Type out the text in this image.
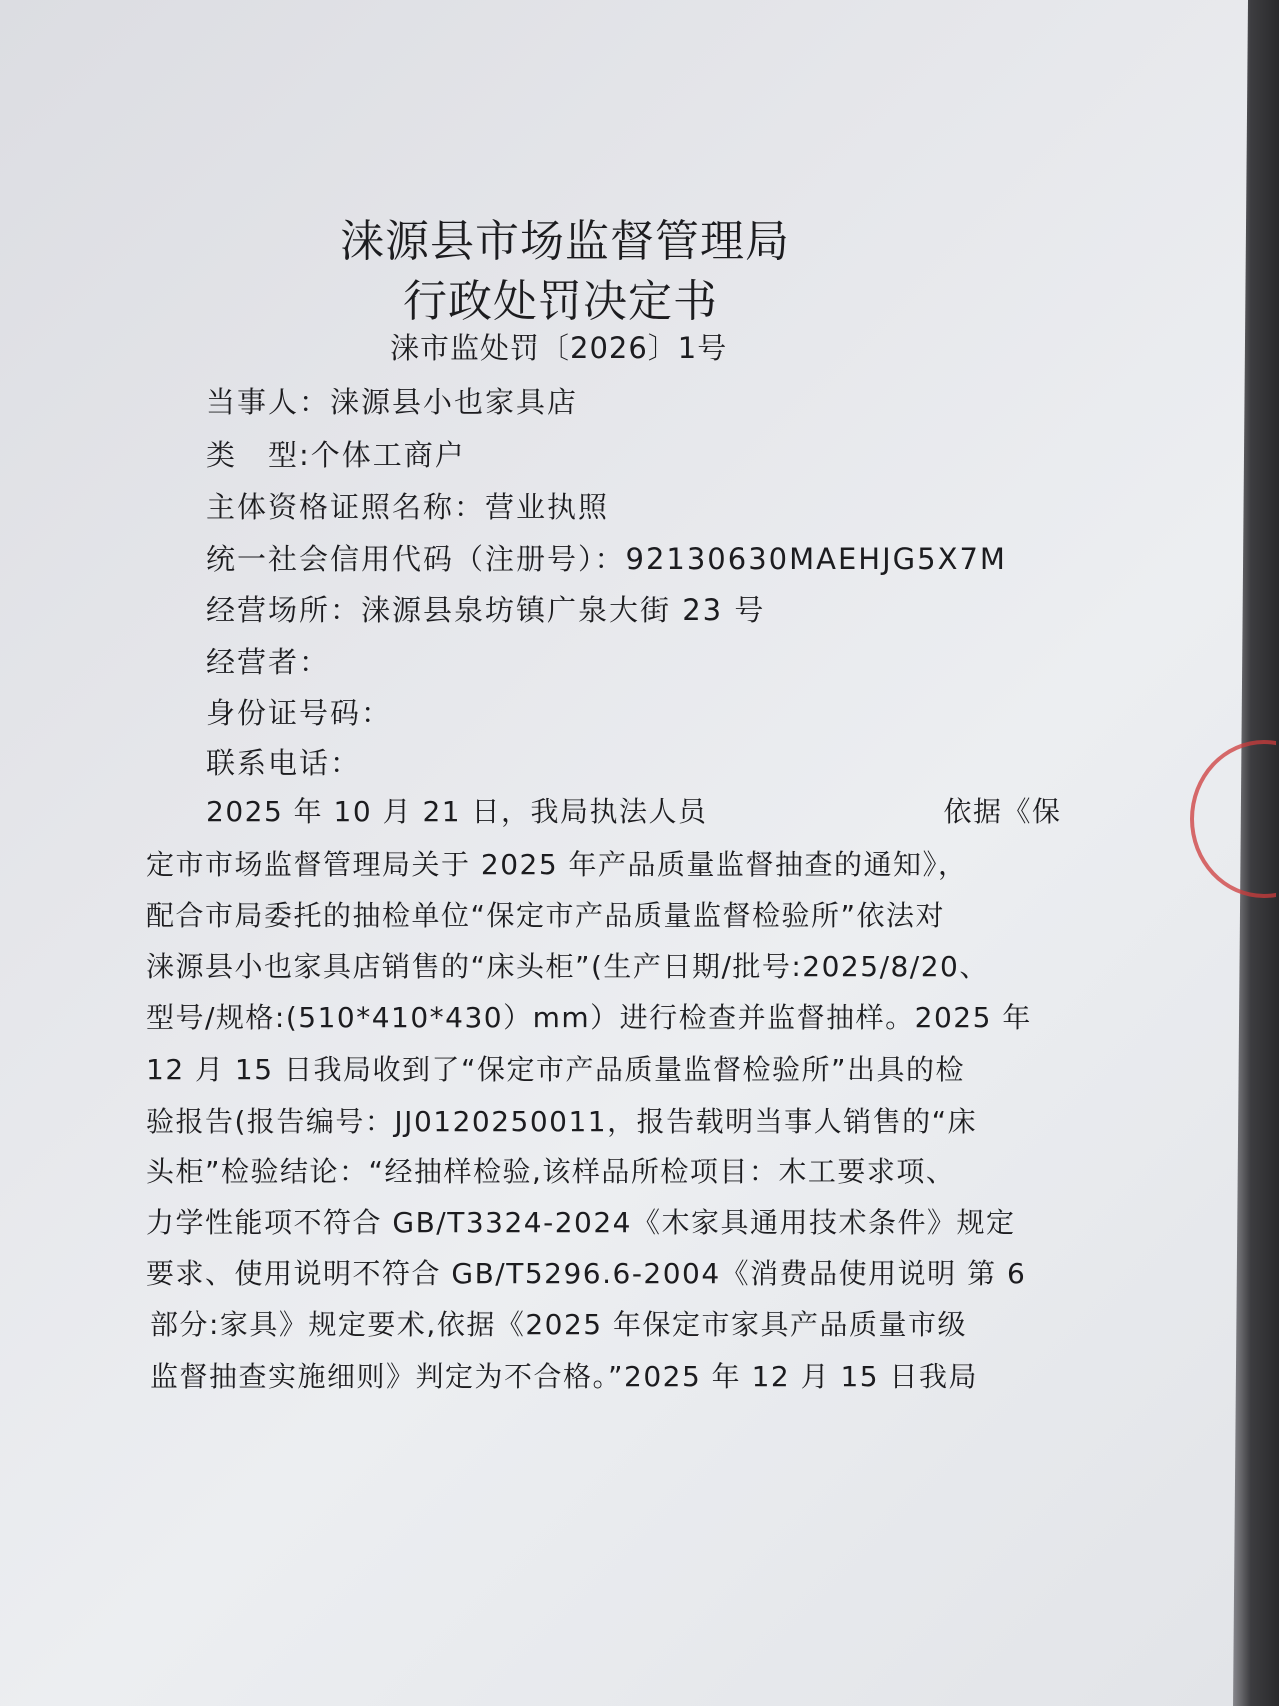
涞源县市场监督管理局
行政处罚决定书
涞市监处罚〔2026〕1号
当事人：涞源县小也家具店
类　型:个体工商户
主体资格证照名称：营业执照
统一社会信用代码（注册号）：92130630MAEHJG5X7M
经营场所：涞源县泉坊镇广泉大街 23 号
经营者：
身份证号码：
联系电话：
2025 年 10 月 21 日，我局执法人员　　　　　　　　依据《保
定市市场监督管理局关于 2025 年产品质量监督抽查的通知》，
配合市局委托的抽检单位“保定市产品质量监督检验所”依法对
涞源县小也家具店销售的“床头柜”(生产日期/批号:2025/8/20、
型号/规格:(510*410*430）mm）进行检查并监督抽样。2025 年
12 月 15 日我局收到了“保定市产品质量监督检验所”出具的检
验报告(报告编号：JJ0120250011，报告载明当事人销售的“床
头柜”检验结论：“经抽样检验,该样品所检项目：木工要求项、
力学性能项不符合 GB/T3324-2024《木家具通用技术条件》规定
要求、使用说明不符合 GB/T5296.6-2004《消费品使用说明 第 6
部分:家具》规定要术,依据《2025 年保定市家具产品质量市级
监督抽查实施细则》判定为不合格。”2025 年 12 月 15 日我局
